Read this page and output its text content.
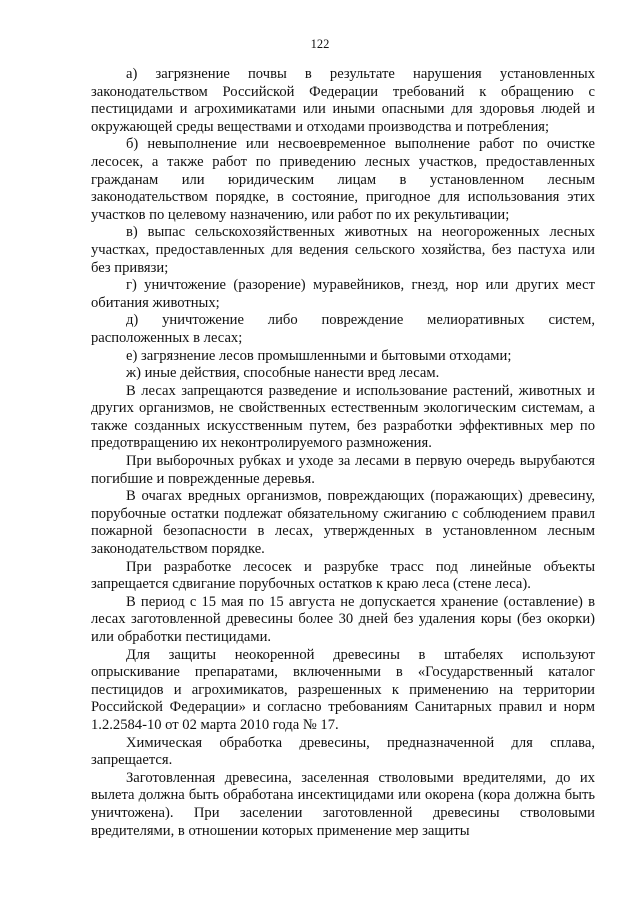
122

а) загрязнение почвы в результате нарушения установленных законодательством Российской Федерации требований к обращению с пестицидами и агрохимикатами или иными опасными для здоровья людей и окружающей среды веществами и отходами производства и потребления;

б) невыполнение или несвоевременное выполнение работ по очистке лесосек, а также работ по приведению лесных участков, предоставленных гражданам или юридическим лицам в установленном лесным законодательством порядке, в состояние, пригодное для использования этих участков по целевому назначению, или работ по их рекультивации;

в) выпас сельскохозяйственных животных на неогороженных лесных участках, предоставленных для ведения сельского хозяйства, без пастуха или без привязи;

г) уничтожение (разорение) муравейников, гнезд, нор или других мест обитания животных;

д) уничтожение либо повреждение мелиоративных систем, расположенных в лесах;

е) загрязнение лесов промышленными и бытовыми отходами;

ж) иные действия, способные нанести вред лесам.

В лесах запрещаются разведение и использование растений, животных и других организмов, не свойственных естественным экологическим системам, а также созданных искусственным путем, без разработки эффективных мер по предотвращению их неконтролируемого размножения.

При выборочных рубках и уходе за лесами в первую очередь вырубаются погибшие и поврежденные деревья.

В очагах вредных организмов, повреждающих (поражающих) древесину, порубочные остатки подлежат обязательному сжиганию с соблюдением правил пожарной безопасности в лесах, утвержденных в установленном лесным законодательством порядке.

При разработке лесосек и разрубке трасс под линейные объекты запрещается сдвигание порубочных остатков к краю леса (стене леса).

В период с 15 мая по 15 августа не допускается хранение (оставление) в лесах заготовленной древесины более 30 дней без удаления коры (без окорки) или обработки пестицидами.

Для защиты неокоренной древесины в штабелях используют опрыскивание препаратами, включенными в «Государственный каталог пестицидов и агрохимикатов, разрешенных к применению на территории Российской Федерации» и согласно требованиям Санитарных правил и норм 1.2.2584-10 от 02 марта 2010 года № 17.

Химическая обработка древесины, предназначенной для сплава, запрещается.

Заготовленная древесина, заселенная стволовыми вредителями, до их вылета должна быть обработана инсектицидами или окорена (кора должна быть уничтожена). При заселении заготовленной древесины стволовыми вредителями, в отношении которых применение мер защиты
